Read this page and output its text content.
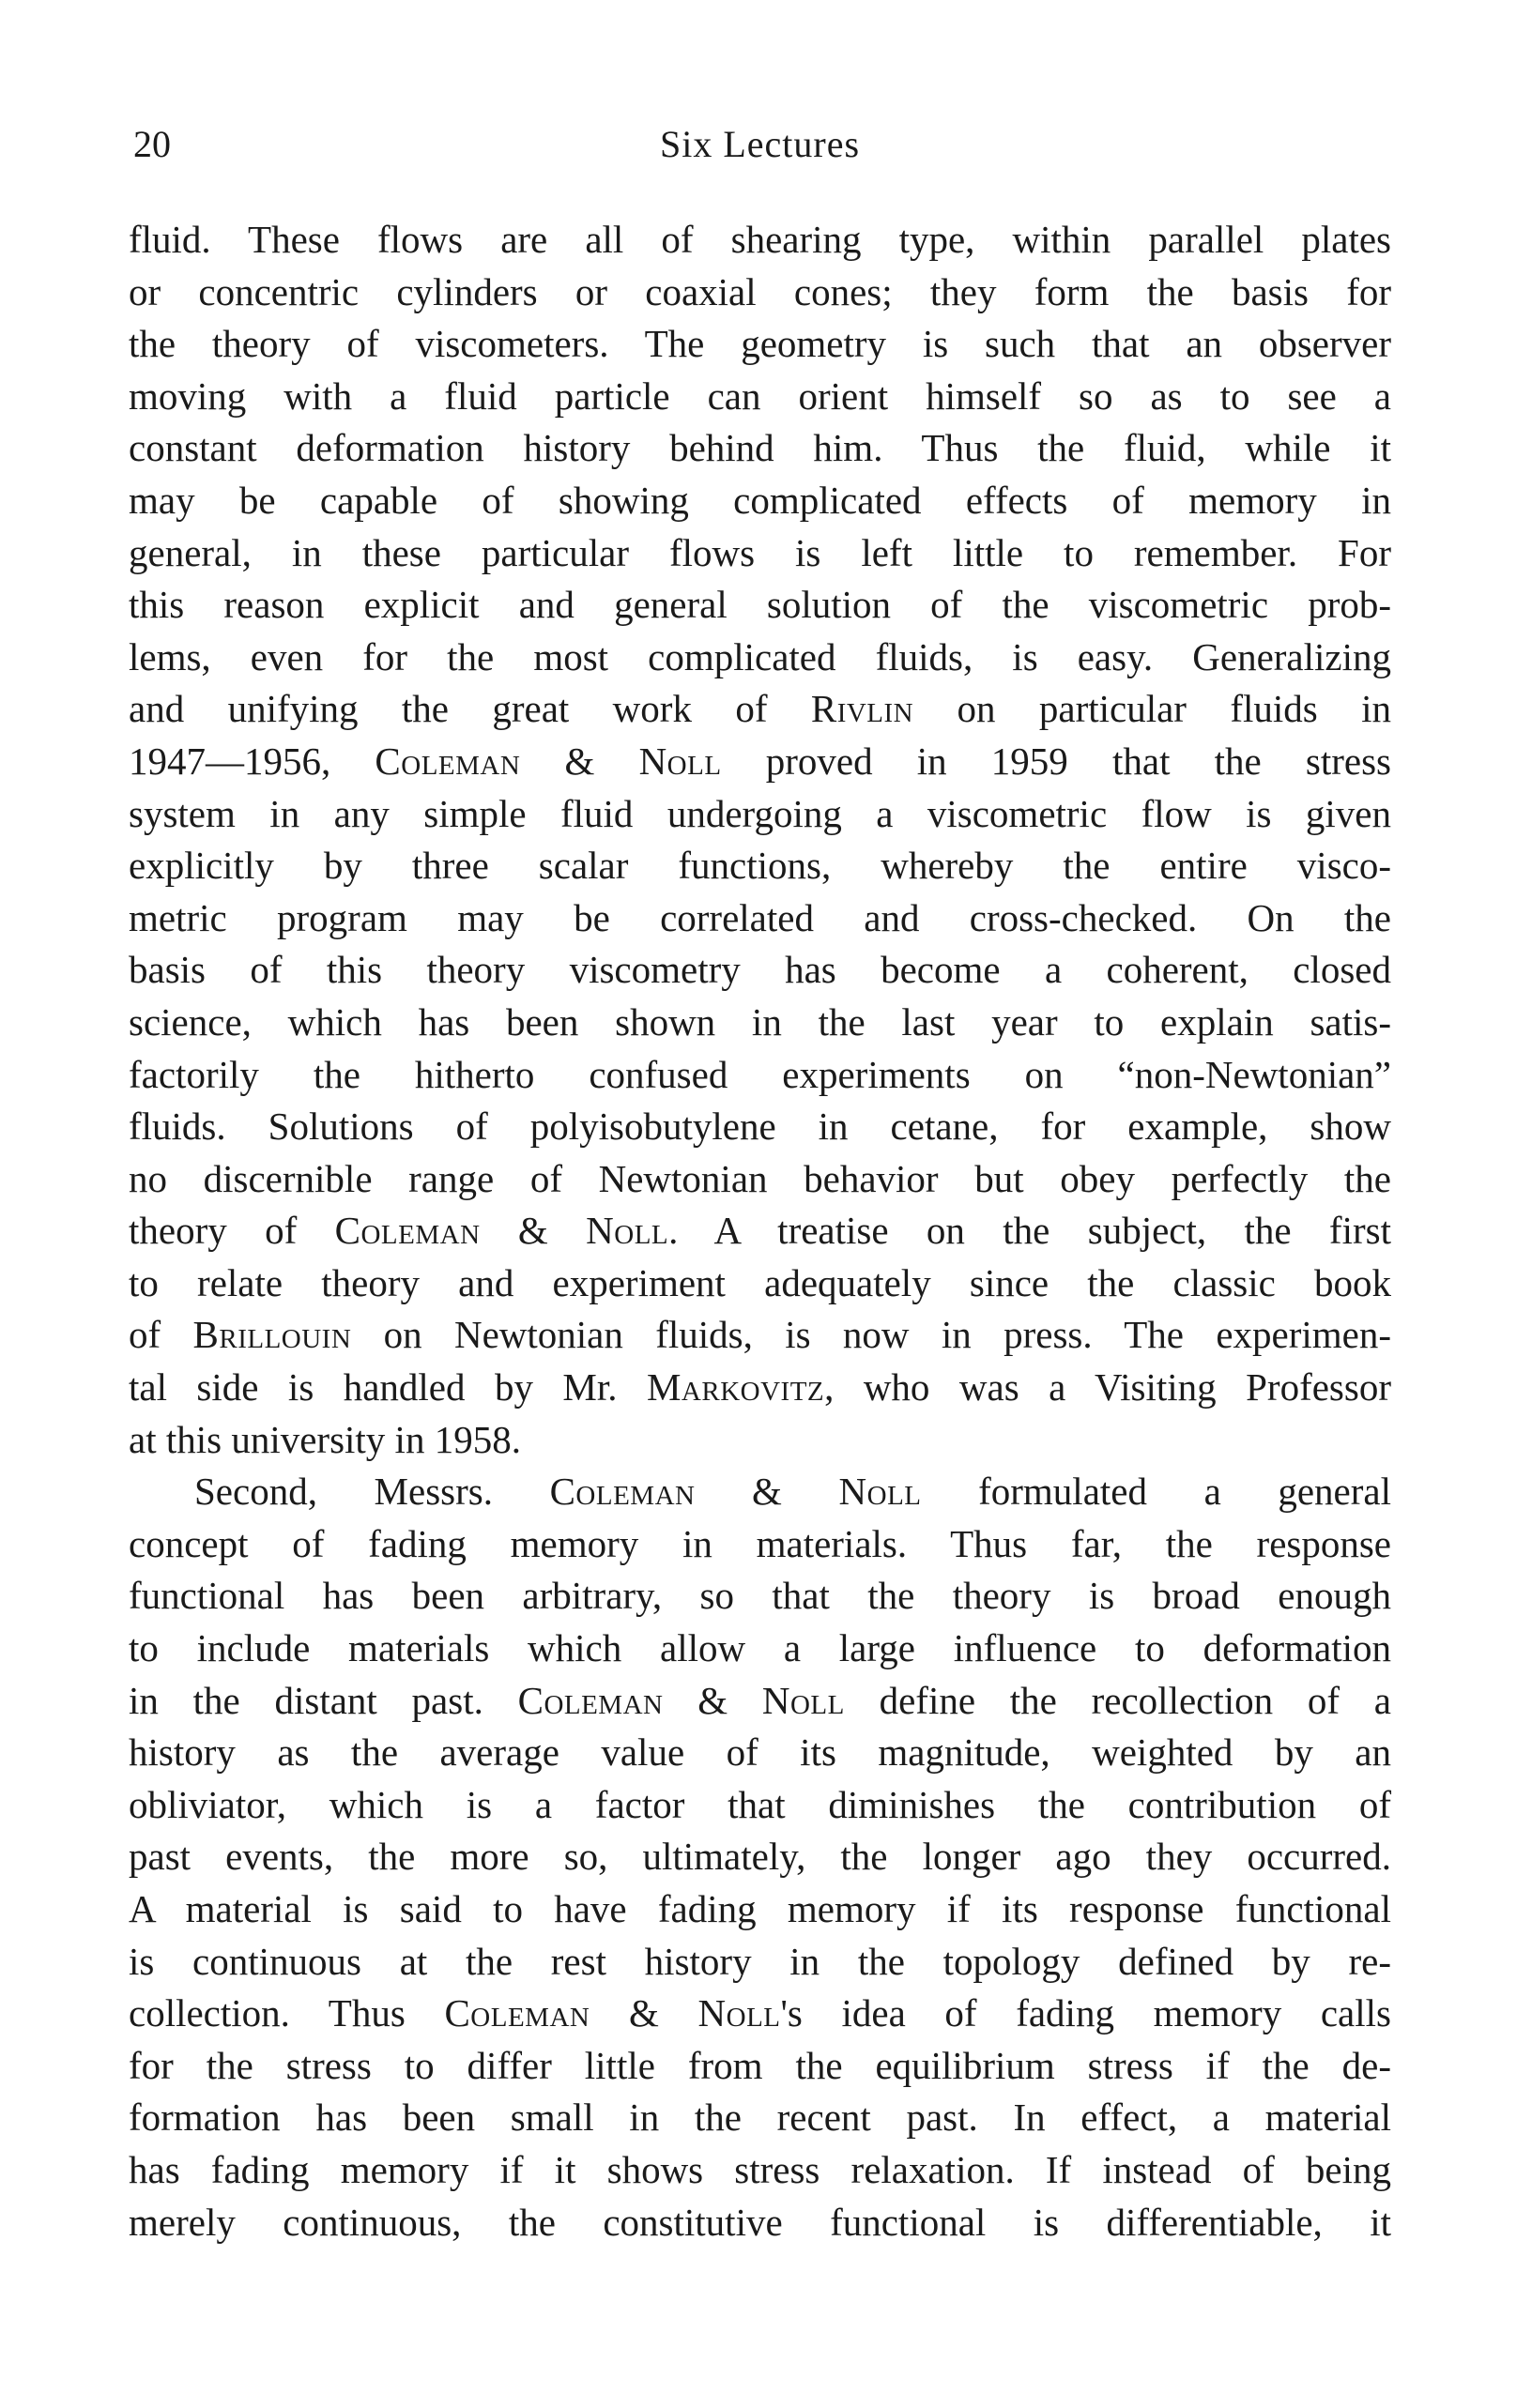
20	Six Lectures
fluid. These flows are all of shearing type, within parallel plates
or concentric cylinders or coaxial cones; they form the basis for
the theory of viscometers. The geometry is such that an observer
moving with a fluid particle can orient himself so as to see a
constant deformation history behind him. Thus the fluid, while it
may be capable of showing complicated effects of memory in
general, in these particular flows is left little to remember. For
this reason explicit and general solution of the viscometric prob-
lems, even for the most complicated fluids, is easy. Generalizing
and unifying the great work of Rivlin on particular fluids in
1947—1956, Coleman & Noll proved in 1959 that the stress
system in any simple fluid undergoing a viscometric flow is given
explicitly by three scalar functions, whereby the entire visco-
metric program may be correlated and cross-checked. On the
basis of this theory viscometry has become a coherent, closed
science, which has been shown in the last year to explain satis-
factorily the hitherto confused experiments on “non-Newtonian”
fluids. Solutions of polyisobutylene in cetane, for example, show
no discernible range of Newtonian behavior but obey perfectly the
theory of Coleman & Noll. A treatise on the subject, the first
to relate theory and experiment adequately since the classic book
of Brillouin on Newtonian fluids, is now in press. The experimen-
tal side is handled by Mr. Markovitz, who was a Visiting Professor
at this university in 1958.
Second, Messrs. Coleman & Noll formulated a general
concept of fading memory in materials. Thus far, the response
functional has been arbitrary, so that the theory is broad enough
to include materials which allow a large influence to deformation
in the distant past. Coleman & Noll define the recollection of a
history as the average value of its magnitude, weighted by an
obliviator, which is a factor that diminishes the contribution of
past events, the more so, ultimately, the longer ago they occurred.
A material is said to have fading memory if its response functional
is continuous at the rest history in the topology defined by re-
collection. Thus Coleman & Noll's idea of fading memory calls
for the stress to differ little from the equilibrium stress if the de-
formation has been small in the recent past. In effect, a material
has fading memory if it shows stress relaxation. If instead of being
merely continuous, the constitutive functional is differentiable, it
